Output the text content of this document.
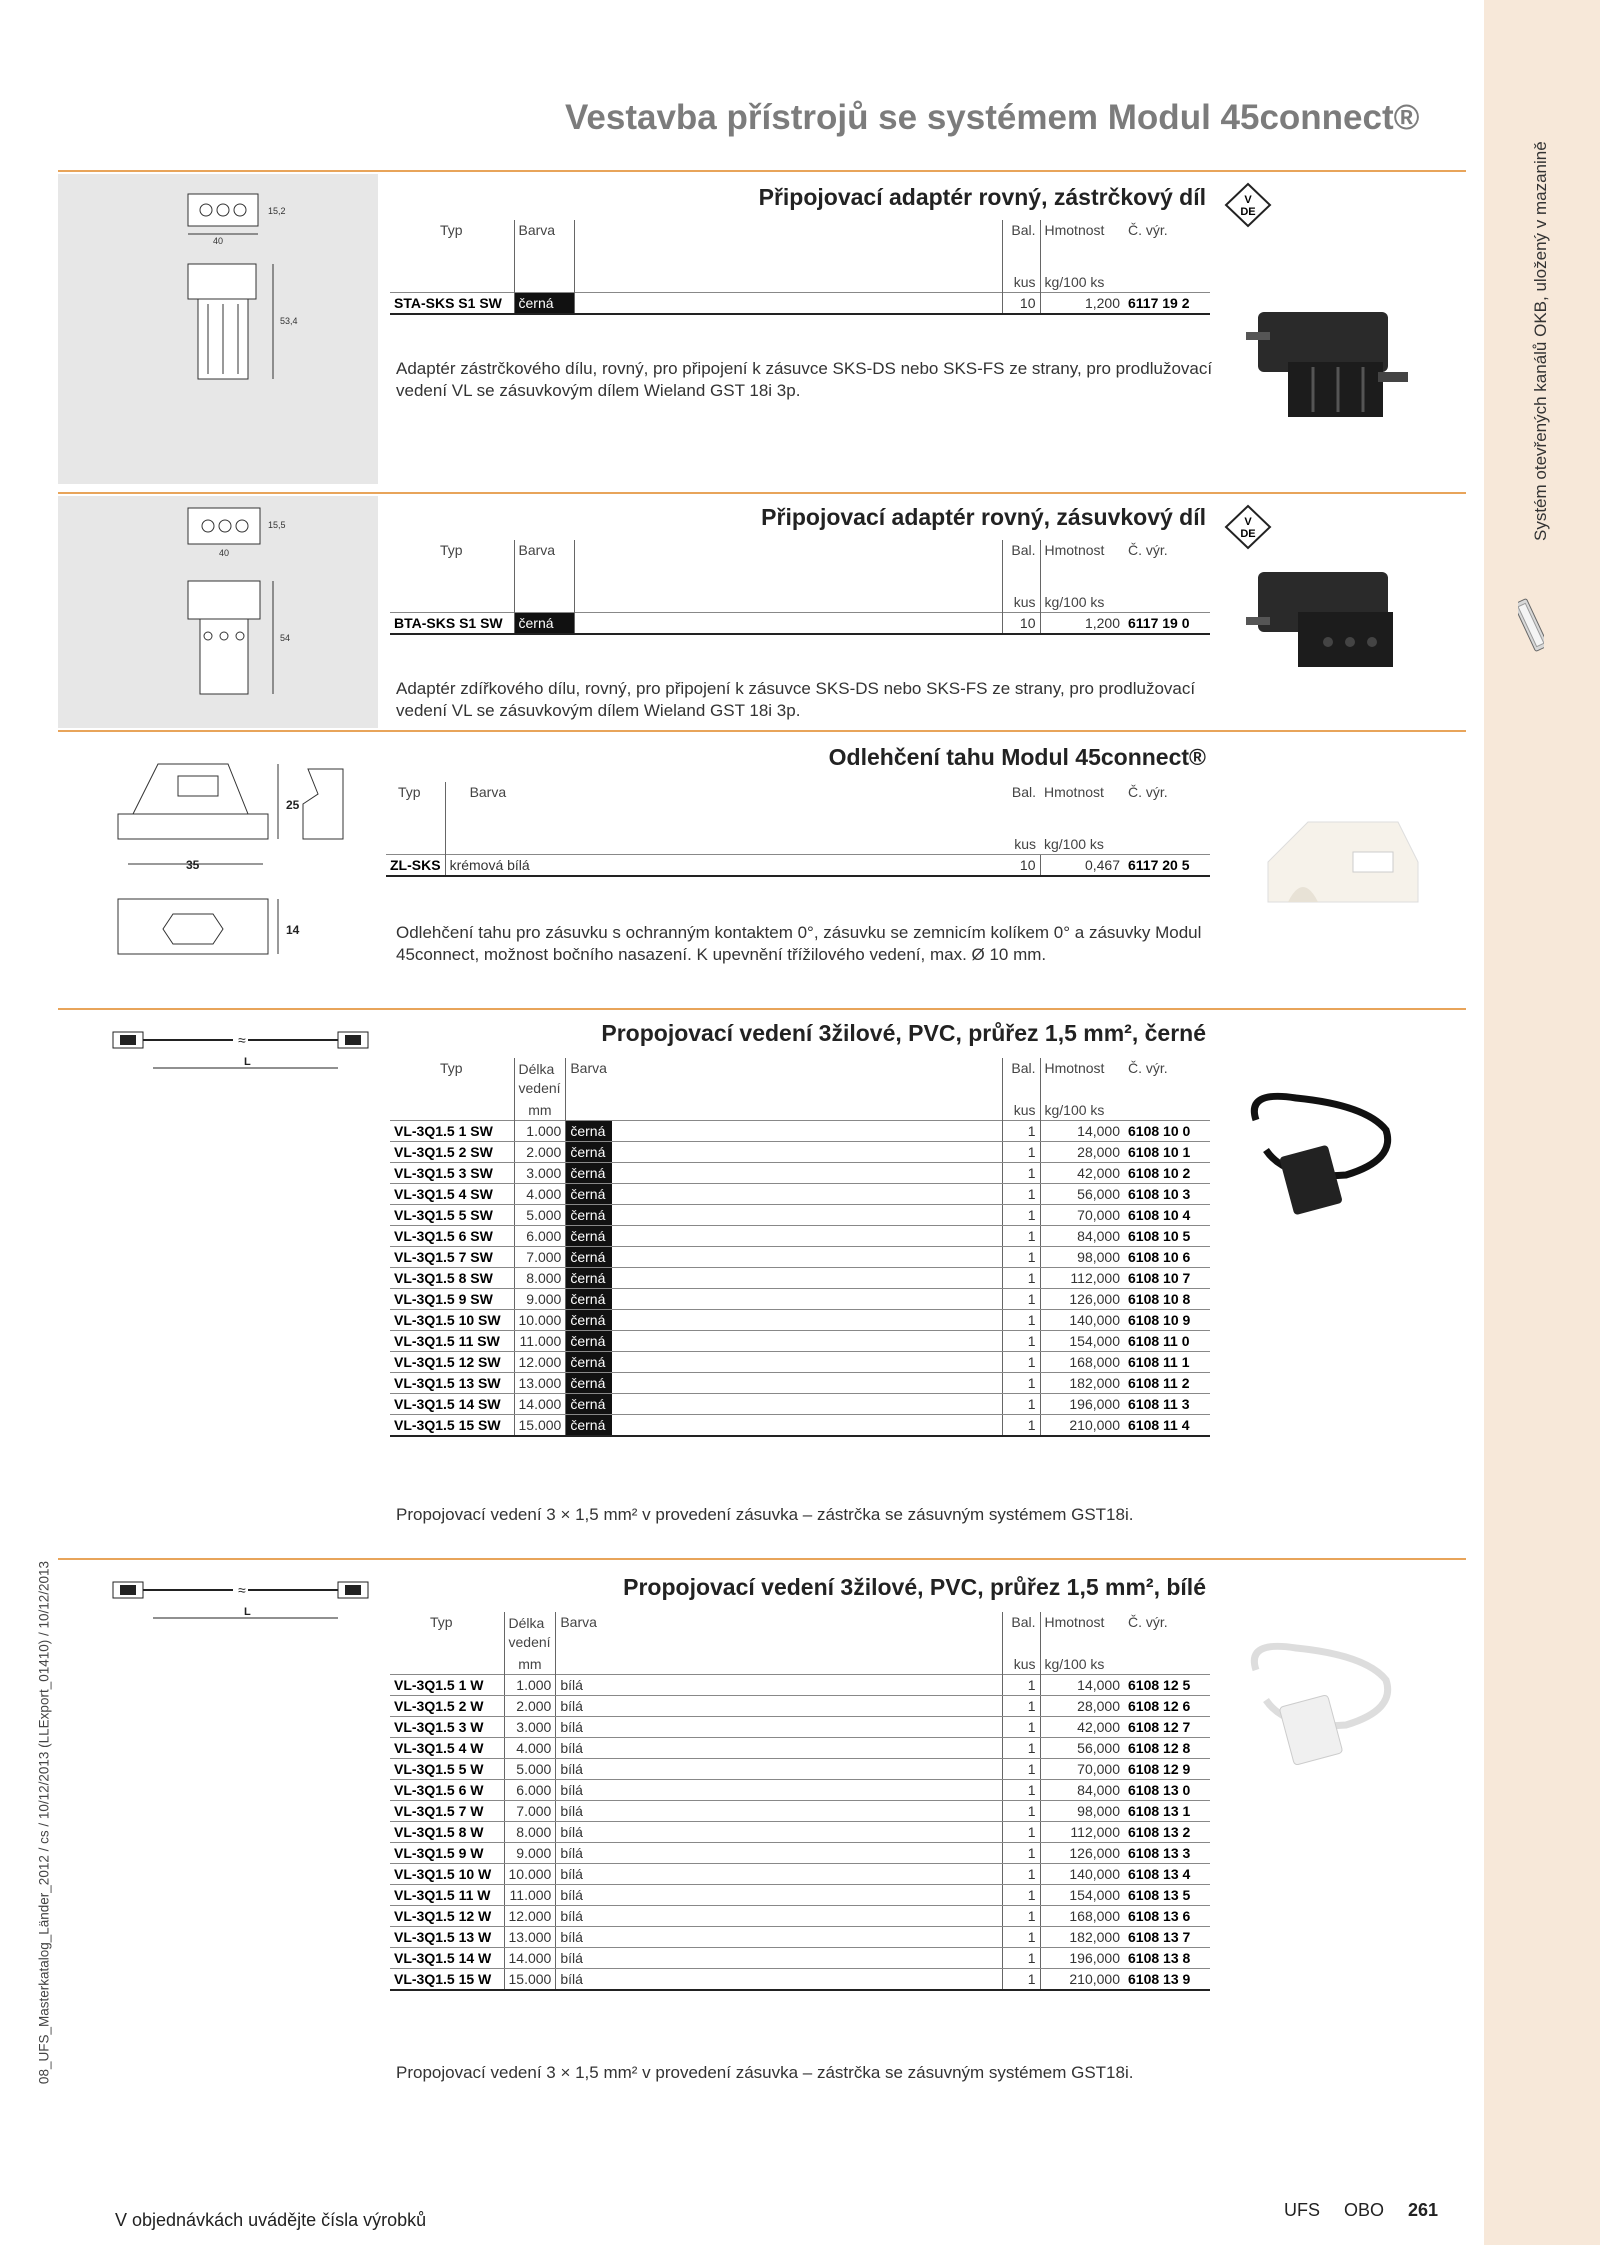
Systém otevřených kanálů OKB, uložený v mazanině
Vestavba přístrojů se systémem Modul 45connect®
08_UFS_Masterkatalog_Länder_2012 / cs / 10/12/2013 (LLExport_01410) / 10/12/2013
40
15,2
53,4
Připojovací adaptér rovný, zástrčkový díl	V
DE
Typ	Barva		Bal.	Hmotnost	Č. výr.
			kus	kg/100 ks	
STA-SKS S1 SW	černá		10	1,200	6117 19 2
Adaptér zástrčkového dílu, rovný, pro připojení k zásuvce SKS-DS nebo SKS-FS ze strany, pro prodlužovací vedení VL se zásuvkovým dílem Wieland GST 18i 3p.
40
15,5
54
Připojovací adaptér rovný, zásuvkový díl	V
DE
Typ	Barva		Bal.	Hmotnost	Č. výr.
			kus	kg/100 ks	
BTA-SKS S1 SW	černá		10	1,200	6117 19 0
Adaptér zdířkového dílu, rovný, pro připojení k zásuvce SKS-DS nebo SKS-FS ze strany, pro prodlužovací vedení VL se zásuvkovým dílem Wieland GST 18i 3p.
35
25
14
Odlehčení tahu Modul 45connect®
Typ	Barva		Bal.	Hmotnost	Č. výr.
			kus	kg/100 ks	
ZL-SKS	krémová bílá		10	0,467	6117 20 5
Odlehčení tahu pro zásuvku s ochranným kontaktem 0°, zásuvku se zemnicím kolíkem 0° a zásuvky Modul 45connect, možnost bočního nasazení. K upevnění třížilového vedení, max. Ø 10 mm.
≈
L
Propojovací vedení 3žilové, PVC, průřez 1,5 mm², černé
Typ	Délka vedení	Barva		Bal.	Hmotnost	Č. výr.
	mm			kus	kg/100 ks	
VL-3Q1.5 1 SW	1.000	černá		1	14,000	6108 10 0
VL-3Q1.5 2 SW	2.000	černá		1	28,000	6108 10 1
VL-3Q1.5 3 SW	3.000	černá		1	42,000	6108 10 2
VL-3Q1.5 4 SW	4.000	černá		1	56,000	6108 10 3
VL-3Q1.5 5 SW	5.000	černá		1	70,000	6108 10 4
VL-3Q1.5 6 SW	6.000	černá		1	84,000	6108 10 5
VL-3Q1.5 7 SW	7.000	černá		1	98,000	6108 10 6
VL-3Q1.5 8 SW	8.000	černá		1	112,000	6108 10 7
VL-3Q1.5 9 SW	9.000	černá		1	126,000	6108 10 8
VL-3Q1.5 10 SW	10.000	černá		1	140,000	6108 10 9
VL-3Q1.5 11 SW	11.000	černá		1	154,000	6108 11 0
VL-3Q1.5 12 SW	12.000	černá		1	168,000	6108 11 1
VL-3Q1.5 13 SW	13.000	černá		1	182,000	6108 11 2
VL-3Q1.5 14 SW	14.000	černá		1	196,000	6108 11 3
VL-3Q1.5 15 SW	15.000	černá		1	210,000	6108 11 4
Propojovací vedení 3 × 1,5 mm² v provedení zásuvka – zástrčka se zásuvným systémem GST18i.
≈
L
Propojovací vedení 3žilové, PVC, průřez 1,5 mm², bílé
Typ	Délka vedení	Barva		Bal.	Hmotnost	Č. výr.
	mm			kus	kg/100 ks	
VL-3Q1.5 1 W	1.000	bílá		1	14,000	6108 12 5
VL-3Q1.5 2 W	2.000	bílá		1	28,000	6108 12 6
VL-3Q1.5 3 W	3.000	bílá		1	42,000	6108 12 7
VL-3Q1.5 4 W	4.000	bílá		1	56,000	6108 12 8
VL-3Q1.5 5 W	5.000	bílá		1	70,000	6108 12 9
VL-3Q1.5 6 W	6.000	bílá		1	84,000	6108 13 0
VL-3Q1.5 7 W	7.000	bílá		1	98,000	6108 13 1
VL-3Q1.5 8 W	8.000	bílá		1	112,000	6108 13 2
VL-3Q1.5 9 W	9.000	bílá		1	126,000	6108 13 3
VL-3Q1.5 10 W	10.000	bílá		1	140,000	6108 13 4
VL-3Q1.5 11 W	11.000	bílá		1	154,000	6108 13 5
VL-3Q1.5 12 W	12.000	bílá		1	168,000	6108 13 6
VL-3Q1.5 13 W	13.000	bílá		1	182,000	6108 13 7
VL-3Q1.5 14 W	14.000	bílá		1	196,000	6108 13 8
VL-3Q1.5 15 W	15.000	bílá		1	210,000	6108 13 9
Propojovací vedení 3 × 1,5 mm² v provedení zásuvka – zástrčka se zásuvným systémem GST18i.
V objednávkách uvádějte čísla výrobků	UFS OBO 261
